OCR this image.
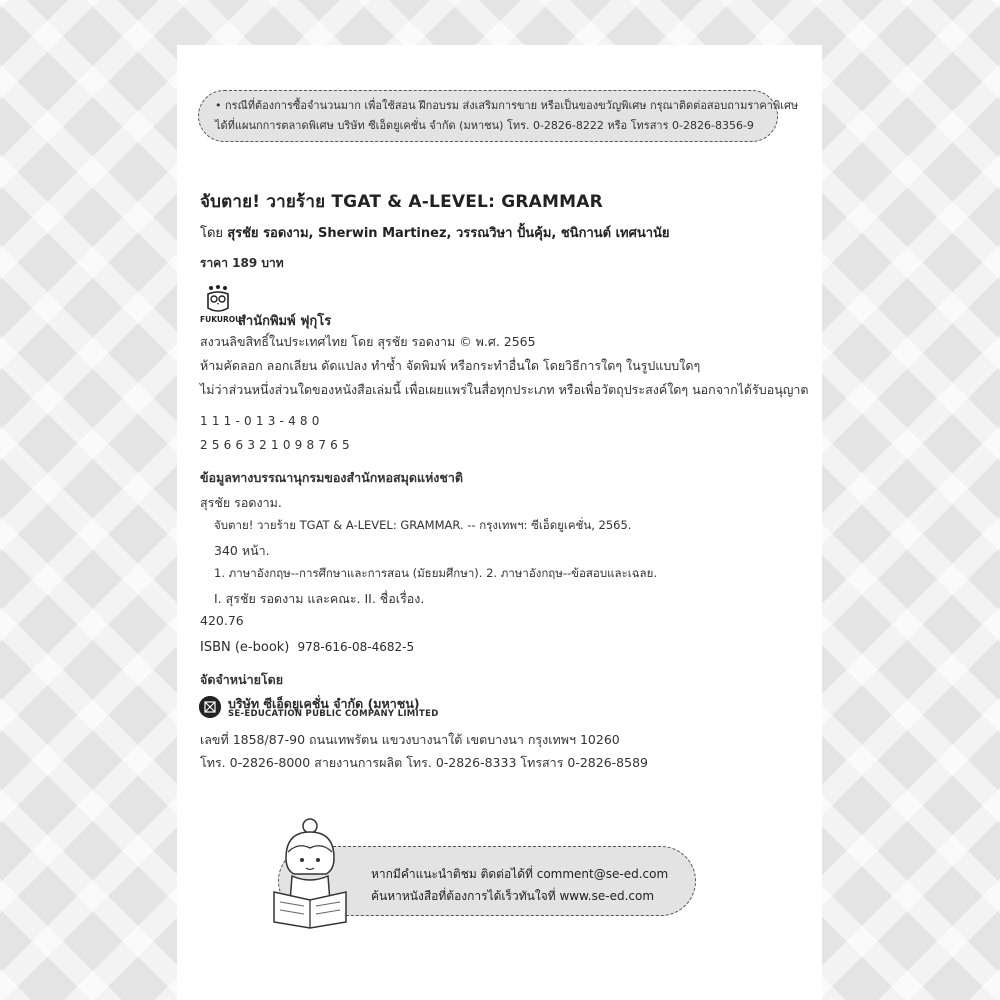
• กรณีที่ต้องการซื้อจำนวนมาก เพื่อใช้สอน ฝึกอบรม ส่งเสริมการขาย หรือเป็นของขวัญพิเศษ กรุณาติดต่อสอบถามราคาพิเศษ
ได้ที่แผนกการตลาดพิเศษ บริษัท ซีเอ็ดยูเคชั่น จำกัด (มหาชน) โทร. 0-2826-8222 หรือ โทรสาร 0-2826-8356-9
จับตาย! วายร้าย TGAT & A-LEVEL: GRAMMAR
โดย สุรชัย รอดงาม, Sherwin Martinez, วรรณวิษา ปั้นคุ้ม, ชนิกานต์ เทศนานัย
ราคา 189 บาท
FUKUROU
สำนักพิมพ์ ฟุกุโร
สงวนลิขสิทธิ์ในประเทศไทย โดย สุรชัย รอดงาม © พ.ศ. 2565
ห้ามคัดลอก ลอกเลียน ดัดแปลง ทำซ้ำ จัดพิมพ์ หรือกระทำอื่นใด โดยวิธีการใดๆ ในรูปแบบใดๆ
ไม่ว่าส่วนหนึ่งส่วนใดของหนังสือเล่มนี้ เพื่อเผยแพร่ในสื่อทุกประเภท หรือเพื่อวัตถุประสงค์ใดๆ นอกจากได้รับอนุญาต
111-013-480
2566321098765
ข้อมูลทางบรรณานุกรมของสำนักหอสมุดแห่งชาติ
สุรชัย รอดงาม.
จับตาย! วายร้าย TGAT & A-LEVEL: GRAMMAR. -- กรุงเทพฯ: ซีเอ็ดยูเคชั่น, 2565.
340 หน้า.
1. ภาษาอังกฤษ--การศึกษาและการสอน (มัธยมศึกษา). 2. ภาษาอังกฤษ--ข้อสอบและเฉลย.
I. สุรชัย รอดงาม และคณะ. II. ชื่อเรื่อง.
420.76
ISBN (e-book) 978-616-08-4682-5
จัดจำหน่ายโดย
บริษัท ซีเอ็ดยูเคชั่น จำกัด (มหาชน)
SE-EDUCATION PUBLIC COMPANY LIMITED
เลขที่ 1858/87-90 ถนนเทพรัตน แขวงบางนาใต้ เขตบางนา กรุงเทพฯ 10260
โทร. 0-2826-8000 สายงานการผลิต โทร. 0-2826-8333 โทรสาร 0-2826-8589
หากมีคำแนะนำติชม ติดต่อได้ที่ comment@se-ed.com
ค้นหาหนังสือที่ต้องการได้เร็วทันใจที่ www.se-ed.com
